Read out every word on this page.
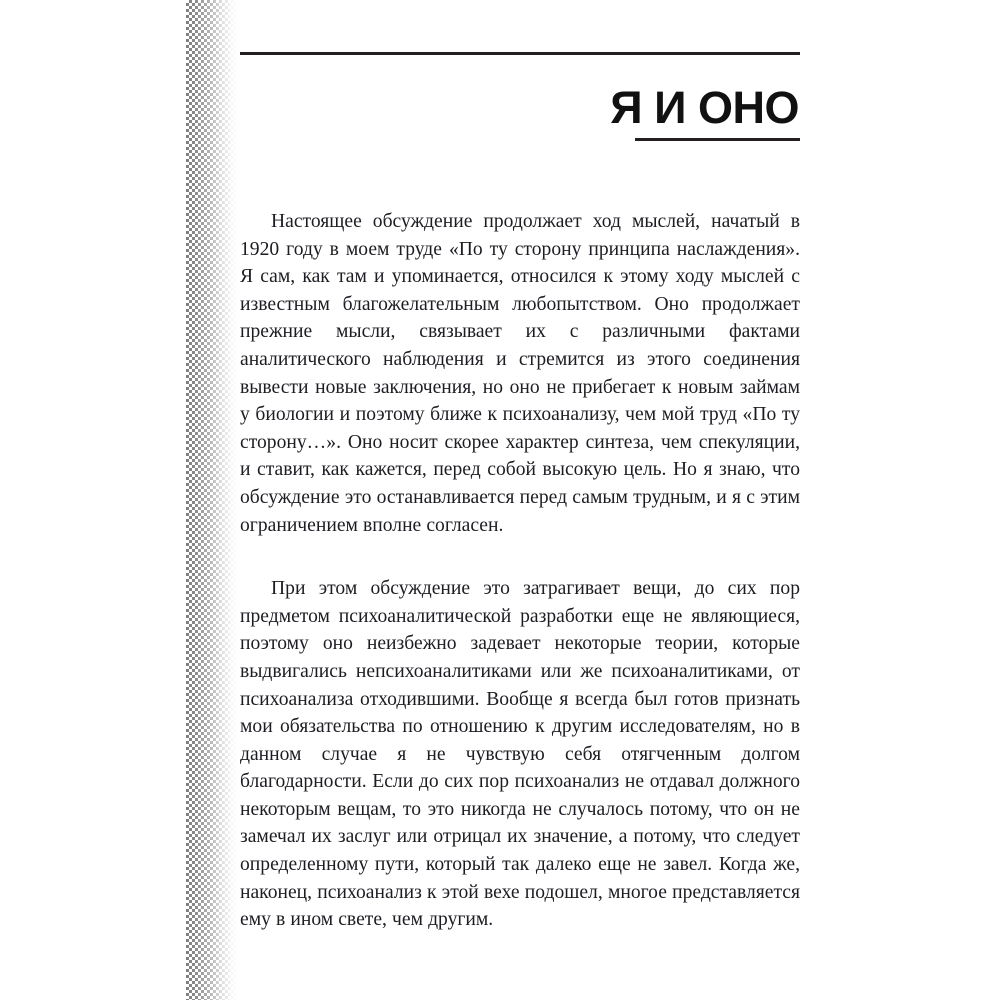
Я И ОНО

Настоящее обсуждение продолжает ход мыслей, начатый в 1920 году в моем труде «По ту сторону принципа наслаждения». Я сам, как там и упоминается, относился к этому ходу мыслей с известным благожелательным любопытством. Оно продолжает прежние мысли, связывает их с различными фактами аналитического наблюдения и стремится из этого соединения вывести новые заключения, но оно не прибегает к новым займам у биологии и поэтому ближе к психоанализу, чем мой труд «По ту сторону…». Оно носит скорее характер синтеза, чем спекуляции, и ставит, как кажется, перед собой высокую цель. Но я знаю, что обсуждение это останавливается перед самым трудным, и я с этим ограничением вполне согласен.

При этом обсуждение это затрагивает вещи, до сих пор предметом психоаналитической разработки еще не являющиеся, поэтому оно неизбежно задевает некоторые теории, которые выдвигались непсихоаналитиками или же психоаналитиками, от психоанализа отходившими. Вообще я всегда был готов признать мои обязательства по отношению к другим исследователям, но в данном случае я не чувствую себя отягченным долгом благодарности. Если до сих пор психоанализ не отдавал должного некоторым вещам, то это никогда не случалось потому, что он не замечал их заслуг или отрицал их значение, а потому, что следует определенному пути, который так далеко еще не завел. Когда же, наконец, психоанализ к этой вехе подошел, многое представляется ему в ином свете, чем другим.
